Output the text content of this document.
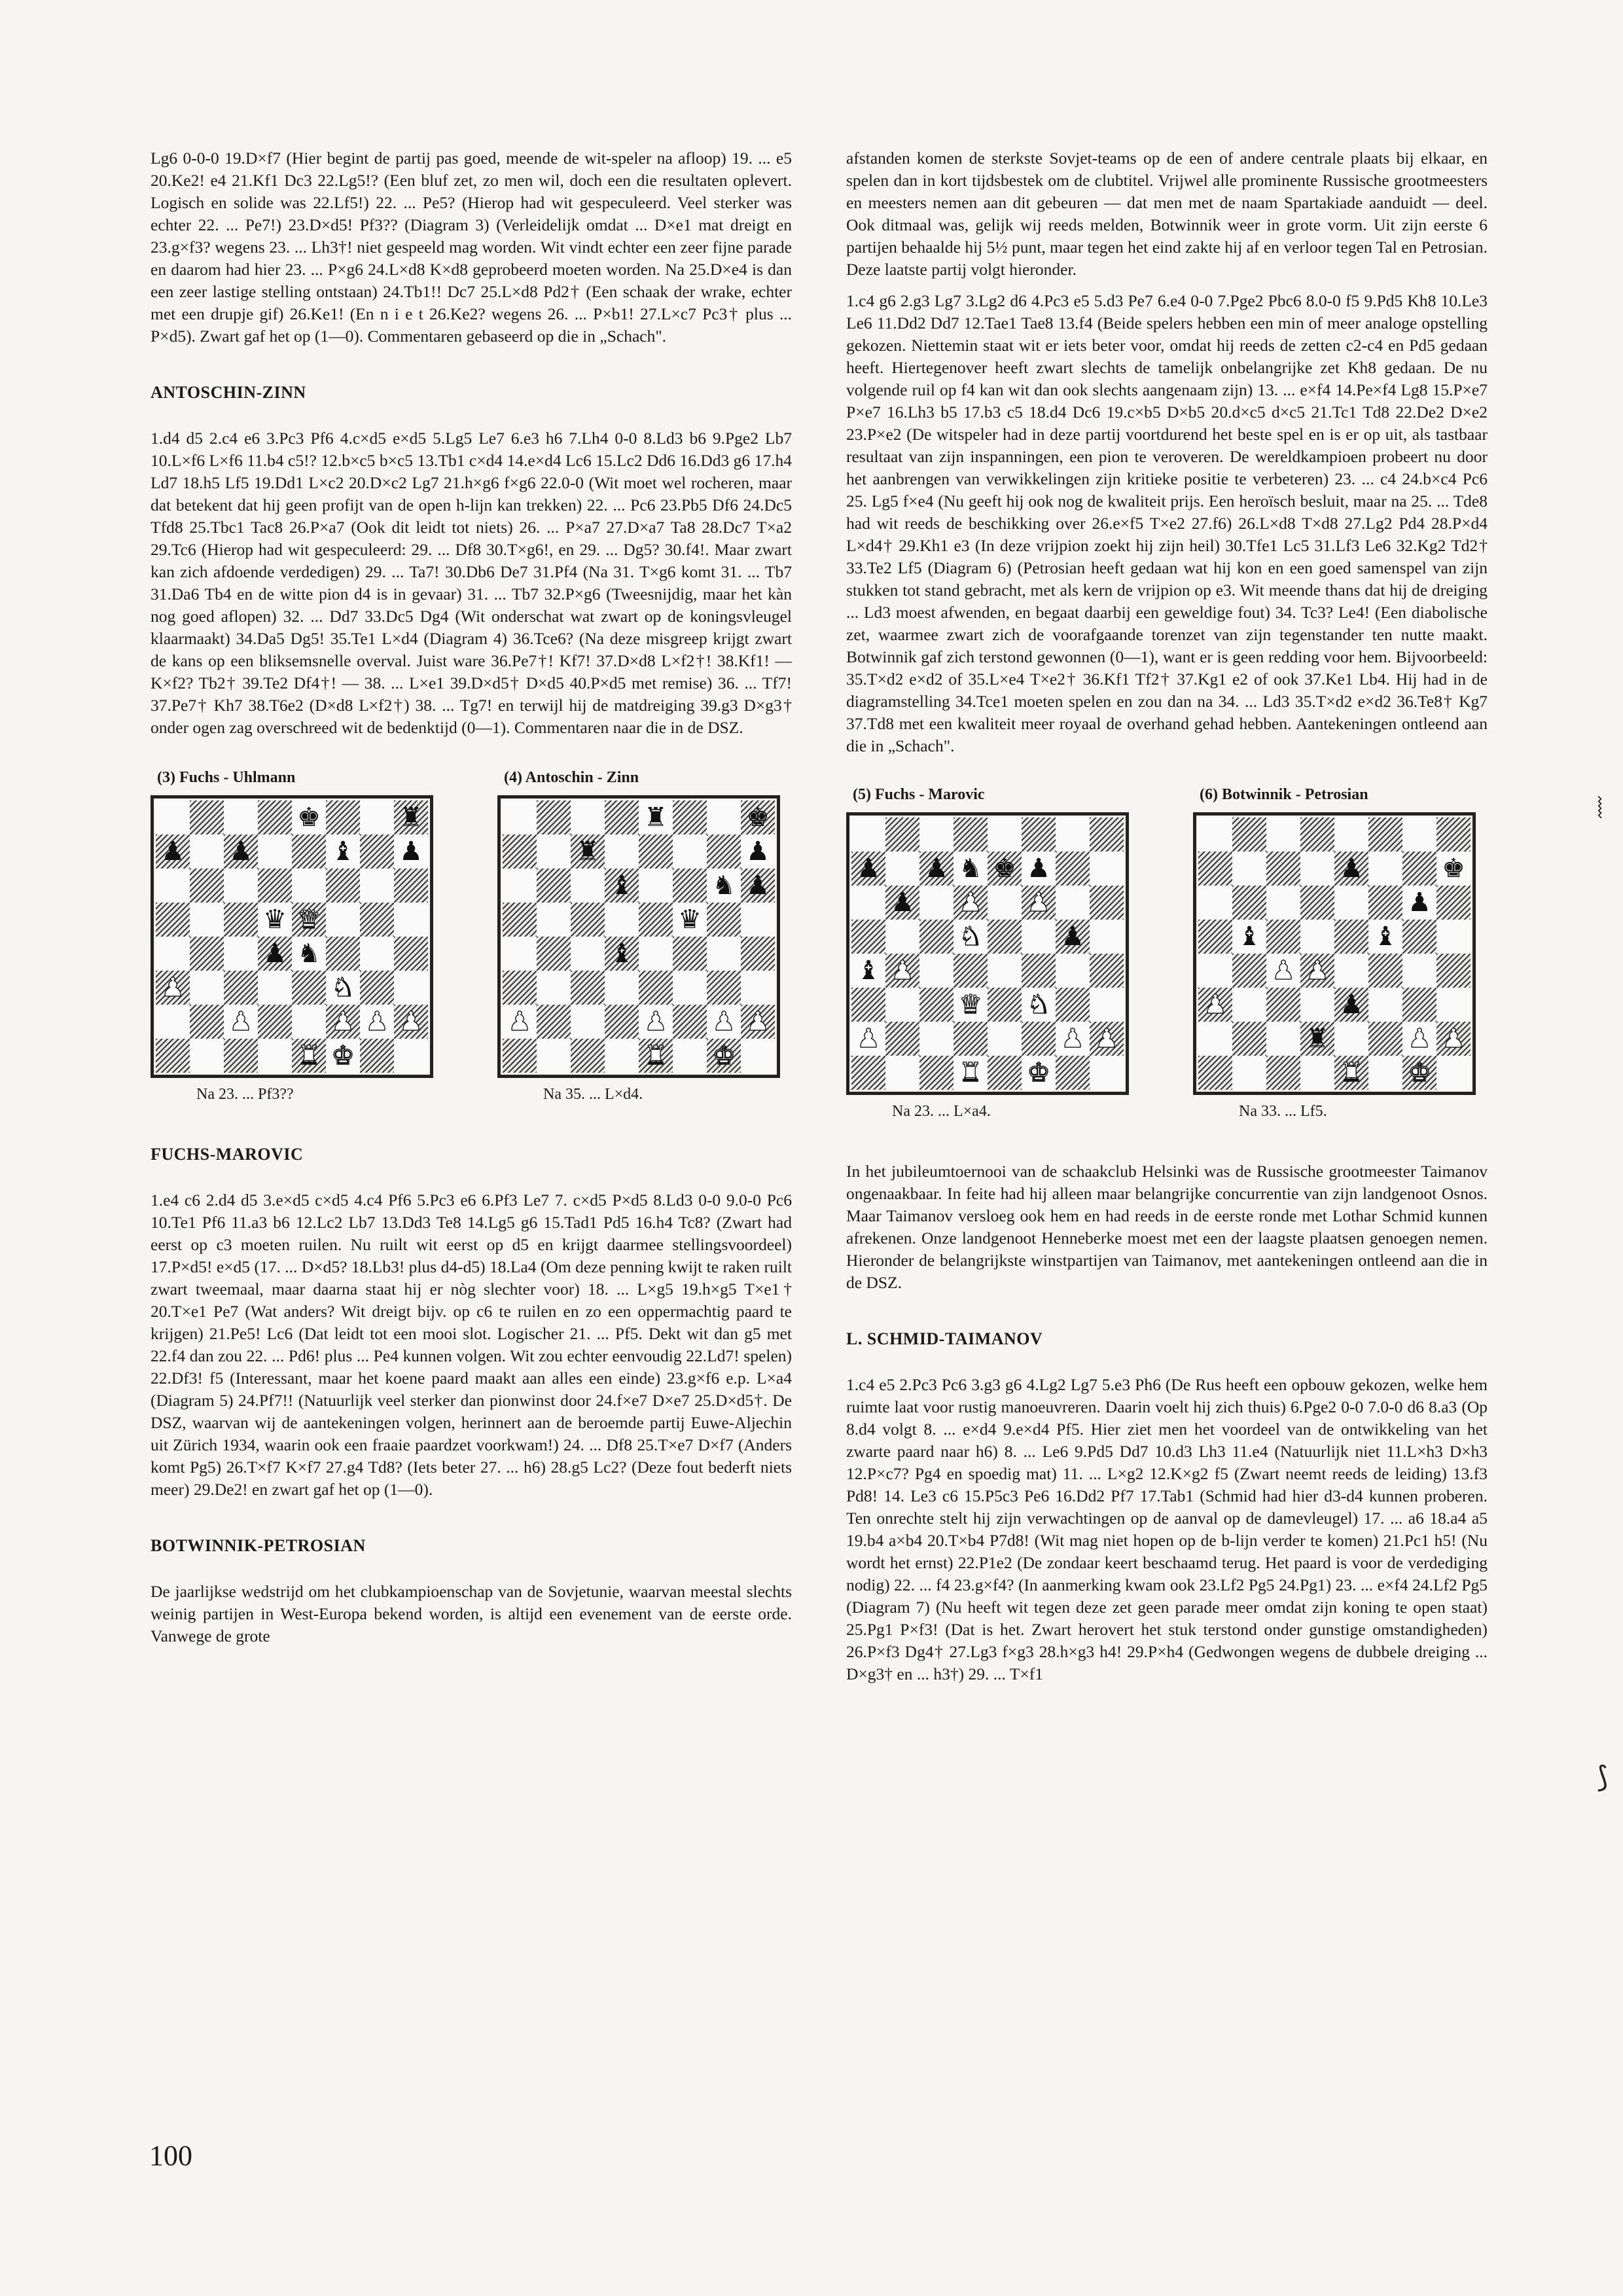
Lg6 0-0-0 19.D×f7 (Hier begint de partij pas goed, meende de wit-speler na afloop) 19. ... e5 20.Ke2! e4 21.Kf1 Dc3 22.Lg5!? (Een bluf zet, zo men wil, doch een die resultaten oplevert. Logisch en solide was 22.Lf5!) 22. ... Pe5? (Hierop had wit gespeculeerd. Veel sterker was echter 22. ... Pe7!) 23.D×d5! Pf3?? (Diagram 3) (Verleidelijk omdat ... D×e1 mat dreigt en 23.g×f3? wegens 23. ... Lh3†! niet gespeeld mag worden. Wit vindt echter een zeer fijne parade en daarom had hier 23. ... P×g6 24.L×d8 K×d8 geprobeerd moeten worden. Na 25.D×e4 is dan een zeer lastige stelling ontstaan) 24.Tb1!! Dc7 25.L×d8 Pd2† (Een schaak der wrake, echter met een drupje gif) 26.Ke1! (En n i e t 26.Ke2? wegens 26. ... P×b1! 27.L×c7 Pc3† plus ... P×d5). Zwart gaf het op (1—0). Commentaren gebaseerd op die in „Schach".

ANTOSCHIN-ZINN

1.d4 d5 2.c4 e6 3.Pc3 Pf6 4.c×d5 e×d5 5.Lg5 Le7 6.e3 h6 7.Lh4 0-0 8.Ld3 b6 9.Pge2 Lb7 10.L×f6 L×f6 11.b4 c5!? 12.b×c5 b×c5 13.Tb1 c×d4 14.e×d4 Lc6 15.Lc2 Dd6 16.Dd3 g6 17.h4 Ld7 18.h5 Lf5 19.Dd1 L×c2 20.D×c2 Lg7 21.h×g6 f×g6 22.0-0 (Wit moet wel rocheren, maar dat betekent dat hij geen profijt van de open h-lijn kan trekken) 22. ... Pc6 23.Pb5 Df6 24.Dc5 Tfd8 25.Tbc1 Tac8 26.P×a7 (Ook dit leidt tot niets) 26. ... P×a7 27.D×a7 Ta8 28.Dc7 T×a2 29.Tc6 (Hierop had wit gespeculeerd: 29. ... Df8 30.T×g6!, en 29. ... Dg5? 30.f4!. Maar zwart kan zich afdoende verdedigen) 29. ... Ta7! 30.Db6 De7 31.Pf4 (Na 31. T×g6 komt 31. ... Tb7 31.Da6 Tb4 en de witte pion d4 is in gevaar) 31. ... Tb7 32.P×g6 (Tweesnijdig, maar het kàn nog goed aflopen) 32. ... Dd7 33.Dc5 Dg4 (Wit onderschat wat zwart op de koningsvleugel klaarmaakt) 34.Da5 Dg5! 35.Te1 L×d4 (Diagram 4) 36.Tce6? (Na deze misgreep krijgt zwart de kans op een bliksemsnelle overval. Juist ware 36.Pe7†! Kf7! 37.D×d8 L×f2†! 38.Kf1! — K×f2? Tb2† 39.Te2 Df4†! — 38. ... L×e1 39.D×d5† D×d5 40.P×d5 met remise) 36. ... Tf7! 37.Pe7† Kh7 38.T6e2 (D×d8 L×f2†) 38. ... Tg7! en terwijl hij de matdreiging 39.g3 D×g3† onder ogen zag overschreed wit de bedenktijd (0—1). Commentaren naar die in de DSZ.

(3) Fuchs - Uhlmann
♚	♜
♟ ♟	♝ ♟
♛ ♛
♟ ♞
♟	♞
♟	♟ ♟ ♟
♜ ♚
Na 23. ... Pf3??
(4) Antoschin - Zinn
♜	♚
♜	♟
♝	♞ ♟
♛
♝
♟	♟ ♟ ♟
♜ ♚
Na 35. ... L×d4.
FUCHS-MAROVIC

1.e4 c6 2.d4 d5 3.e×d5 c×d5 4.c4 Pf6 5.Pc3 e6 6.Pf3 Le7 7. c×d5 P×d5 8.Ld3 0-0 9.0-0 Pc6 10.Te1 Pf6 11.a3 b6 12.Lc2 Lb7 13.Dd3 Te8 14.Lg5 g6 15.Tad1 Pd5 16.h4 Tc8? (Zwart had eerst op c3 moeten ruilen. Nu ruilt wit eerst op d5 en krijgt daarmee stellingsvoordeel) 17.P×d5! e×d5 (17. ... D×d5? 18.Lb3! plus d4-d5) 18.La4 (Om deze penning kwijt te raken ruilt zwart tweemaal, maar daarna staat hij er nòg slechter voor) 18. ... L×g5 19.h×g5 T×e1† 20.T×e1 Pe7 (Wat anders? Wit dreigt bijv. op c6 te ruilen en zo een oppermachtig paard te krijgen) 21.Pe5! Lc6 (Dat leidt tot een mooi slot. Logischer 21. ... Pf5. Dekt wit dan g5 met 22.f4 dan zou 22. ... Pd6! plus ... Pe4 kunnen volgen. Wit zou echter eenvoudig 22.Ld7! spelen) 22.Df3! f5 (Interessant, maar het koene paard maakt aan alles een einde) 23.g×f6 e.p. L×a4 (Diagram 5) 24.Pf7!! (Natuurlijk veel sterker dan pionwinst door 24.f×e7 D×e7 25.D×d5†. De DSZ, waarvan wij de aantekeningen volgen, herinnert aan de beroemde partij Euwe-Aljechin uit Zürich 1934, waarin ook een fraaie paardzet voorkwam!) 24. ... Df8 25.T×e7 D×f7 (Anders komt Pg5) 26.T×f7 K×f7 27.g4 Td8? (Iets beter 27. ... h6) 28.g5 Lc2? (Deze fout bederft niets meer) 29.De2! en zwart gaf het op (1—0).

BOTWINNIK-PETROSIAN

De jaarlijkse wedstrijd om het clubkampioenschap van de Sovjetunie, waarvan meestal slechts weinig partijen in West-Europa bekend worden, is altijd een evenement van de eerste orde. Vanwege de grote

afstanden komen de sterkste Sovjet-teams op de een of andere centrale plaats bij elkaar, en spelen dan in kort tijdsbestek om de clubtitel. Vrijwel alle prominente Russische grootmeesters en meesters nemen aan dit gebeuren — dat men met de naam Spartakiade aanduidt — deel. Ook ditmaal was, gelijk wij reeds melden, Botwinnik weer in grote vorm. Uit zijn eerste 6 partijen behaalde hij 5½ punt, maar tegen het eind zakte hij af en verloor tegen Tal en Petrosian. Deze laatste partij volgt hieronder.

1.c4 g6 2.g3 Lg7 3.Lg2 d6 4.Pc3 e5 5.d3 Pe7 6.e4 0-0 7.Pge2 Pbc6 8.0-0 f5 9.Pd5 Kh8 10.Le3 Le6 11.Dd2 Dd7 12.Tae1 Tae8 13.f4 (Beide spelers hebben een min of meer analoge opstelling gekozen. Niettemin staat wit er iets beter voor, omdat hij reeds de zetten c2-c4 en Pd5 gedaan heeft. Hiertegenover heeft zwart slechts de tamelijk onbelangrijke zet Kh8 gedaan. De nu volgende ruil op f4 kan wit dan ook slechts aangenaam zijn) 13. ... e×f4 14.Pe×f4 Lg8 15.P×e7 P×e7 16.Lh3 b5 17.b3 c5 18.d4 Dc6 19.c×b5 D×b5 20.d×c5 d×c5 21.Tc1 Td8 22.De2 D×e2 23.P×e2 (De witspeler had in deze partij voortdurend het beste spel en is er op uit, als tastbaar resultaat van zijn inspanningen, een pion te veroveren. De wereldkampioen probeert nu door het aanbrengen van verwikkelingen zijn kritieke positie te verbeteren) 23. ... c4 24.b×c4 Pc6 25. Lg5 f×e4 (Nu geeft hij ook nog de kwaliteit prijs. Een heroïsch besluit, maar na 25. ... Tde8 had wit reeds de beschikking over 26.e×f5 T×e2 27.f6) 26.L×d8 T×d8 27.Lg2 Pd4 28.P×d4 L×d4† 29.Kh1 e3 (In deze vrijpion zoekt hij zijn heil) 30.Tfe1 Lc5 31.Lf3 Le6 32.Kg2 Td2† 33.Te2 Lf5 (Diagram 6) (Petrosian heeft gedaan wat hij kon en een goed samenspel van zijn stukken tot stand gebracht, met als kern de vrijpion op e3. Wit meende thans dat hij de dreiging ... Ld3 moest afwenden, en begaat daarbij een geweldige fout) 34. Tc3? Le4! (Een diabolische zet, waarmee zwart zich de voorafgaande torenzet van zijn tegenstander ten nutte maakt. Botwinnik gaf zich terstond gewonnen (0—1), want er is geen redding voor hem. Bijvoorbeeld: 35.T×d2 e×d2 of 35.L×e4 T×e2† 36.Kf1 Tf2† 37.Kg1 e2 of ook 37.Ke1 Lb4. Hij had in de diagramstelling 34.Tce1 moeten spelen en zou dan na 34. ... Ld3 35.T×d2 e×d2 36.Te8† Kg7 37.Td8 met een kwaliteit meer royaal de overhand gehad hebben. Aantekeningen ontleend aan die in „Schach".

(5) Fuchs - Marovic
♟ ♟ ♞ ♚ ♟
♟ ♟ ♟
♞	♟
♝ ♟
♛ ♞
♟	♟ ♟
♜ ♚
Na 23. ... L×a4.
(6) Botwinnik - Petrosian
♟	♚
♟
♝	♝
♟ ♟
♟	♟
♜	♟ ♟
♜ ♚
Na 33. ... Lf5.

In het jubileumtoernooi van de schaakclub Helsinki was de Russische grootmeester Taimanov ongenaakbaar. In feite had hij alleen maar belangrijke concurrentie van zijn landgenoot Osnos. Maar Taimanov versloeg ook hem en had reeds in de eerste ronde met Lothar Schmid kunnen afrekenen. Onze landgenoot Henneberke moest met een der laagste plaatsen genoegen nemen. Hieronder de belangrijkste winstpartijen van Taimanov, met aantekeningen ontleend aan die in de DSZ.

L. SCHMID-TAIMANOV

1.c4 e5 2.Pc3 Pc6 3.g3 g6 4.Lg2 Lg7 5.e3 Ph6 (De Rus heeft een opbouw gekozen, welke hem ruimte laat voor rustig manoeuvreren. Daarin voelt hij zich thuis) 6.Pge2 0-0 7.0-0 d6 8.a3 (Op 8.d4 volgt 8. ... e×d4 9.e×d4 Pf5. Hier ziet men het voordeel van de ontwikkeling van het zwarte paard naar h6) 8. ... Le6 9.Pd5 Dd7 10.d3 Lh3 11.e4 (Natuurlijk niet 11.L×h3 D×h3 12.P×c7? Pg4 en spoedig mat) 11. ... L×g2 12.K×g2 f5 (Zwart neemt reeds de leiding) 13.f3 Pd8! 14. Le3 c6 15.P5c3 Pe6 16.Dd2 Pf7 17.Tab1 (Schmid had hier d3-d4 kunnen proberen. Ten onrechte stelt hij zijn verwachtingen op de aanval op de damevleugel) 17. ... a6 18.a4 a5 19.b4 a×b4 20.T×b4 P7d8! (Wit mag niet hopen op de b-lijn verder te komen) 21.Pc1 h5! (Nu wordt het ernst) 22.P1e2 (De zondaar keert beschaamd terug. Het paard is voor de verdediging nodig) 22. ... f4 23.g×f4? (In aanmerking kwam ook 23.Lf2 Pg5 24.Pg1) 23. ... e×f4 24.Lf2 Pg5 (Diagram 7) (Nu heeft wit tegen deze zet geen parade meer omdat zijn koning te open staat) 25.Pg1 P×f3! (Dat is het. Zwart herovert het stuk terstond onder gunstige omstandigheden) 26.P×f3 Dg4† 27.Lg3 f×g3 28.h×g3 h4! 29.P×h4 (Gedwongen wegens de dubbele dreiging ... D×g3† en ... h3†) 29. ... T×f1

100
⦚
⟆
